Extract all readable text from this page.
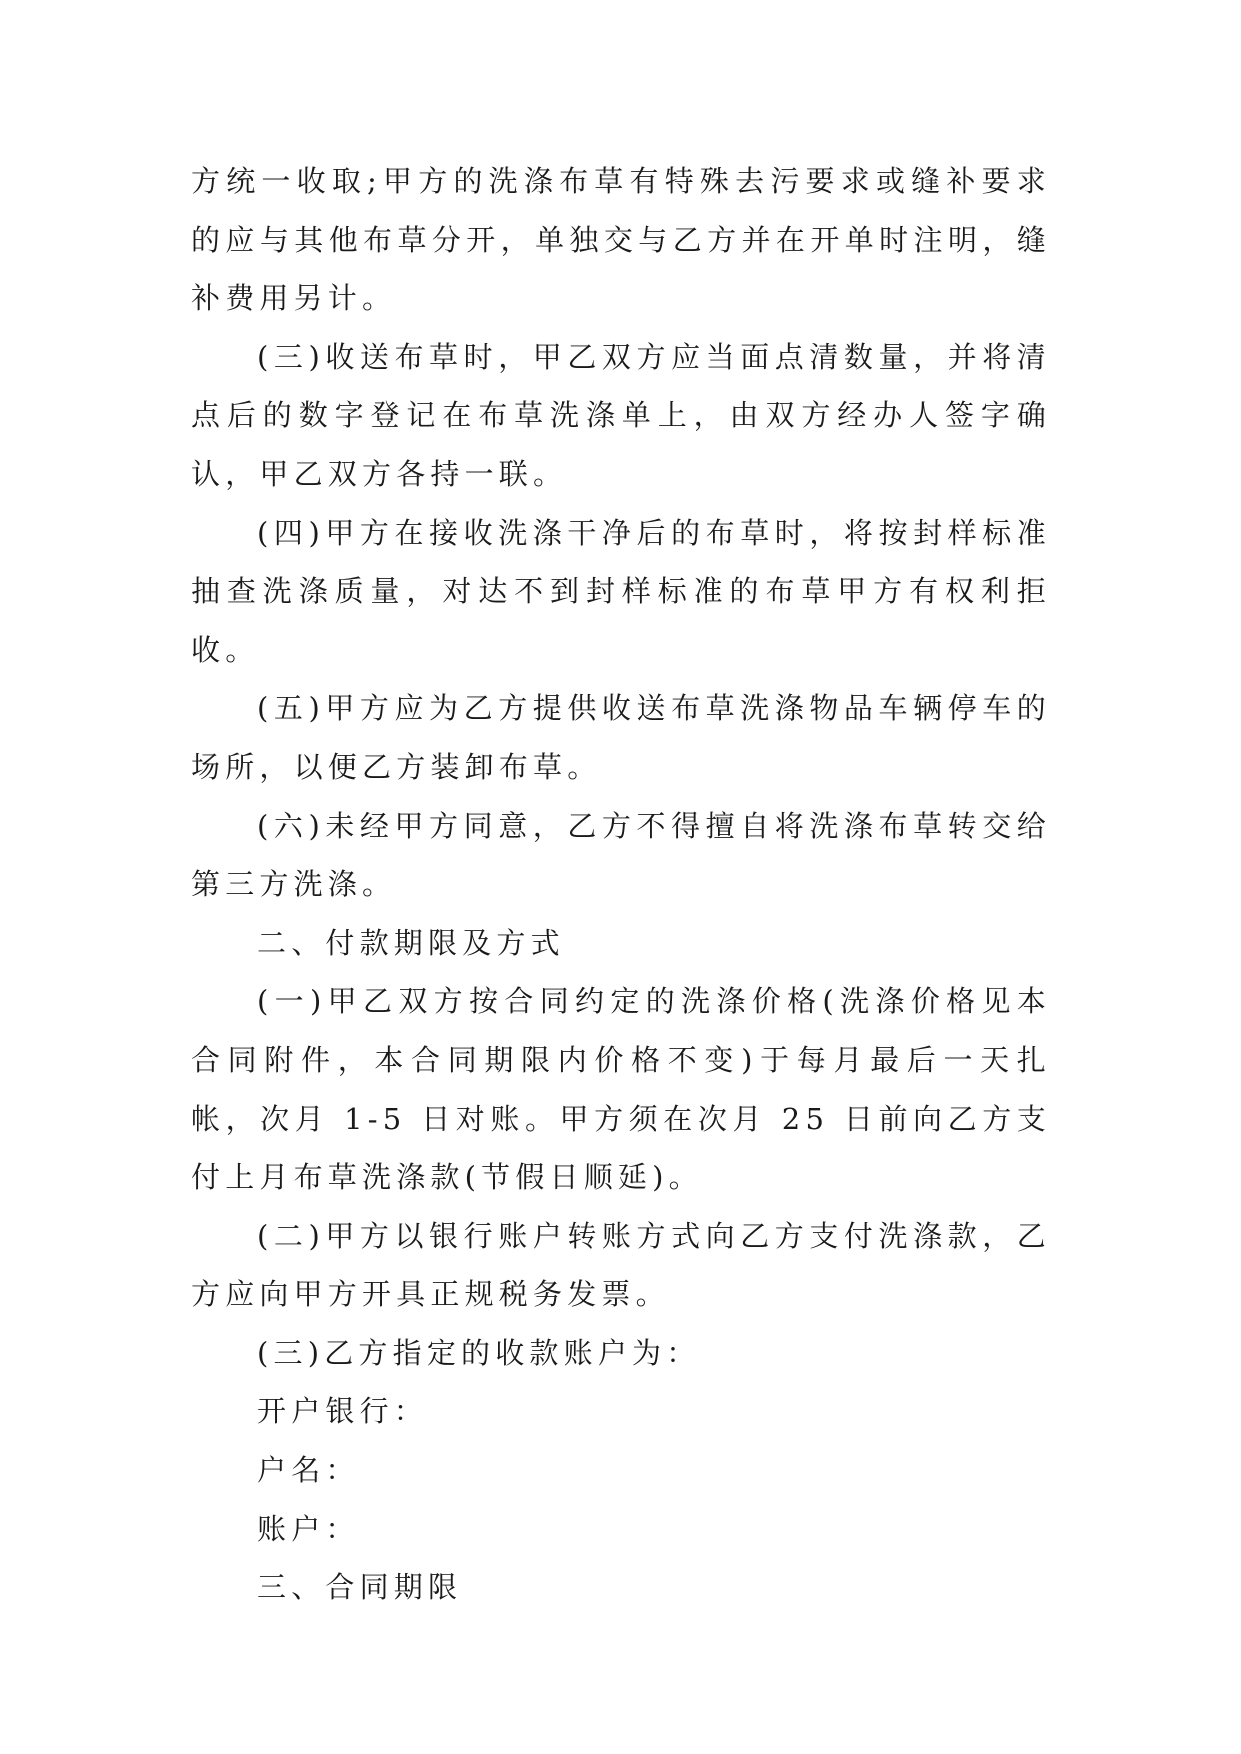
方统一收取;甲方的洗涤布草有特殊去污要求或缝补要求的应与其他布草分开，单独交与乙方并在开单时注明，缝补费用另计。

(三)收送布草时，甲乙双方应当面点清数量，并将清点后的数字登记在布草洗涤单上，由双方经办人签字确认，甲乙双方各持一联。

(四)甲方在接收洗涤干净后的布草时，将按封样标准抽查洗涤质量，对达不到封样标准的布草甲方有权利拒收。

(五)甲方应为乙方提供收送布草洗涤物品车辆停车的场所，以便乙方装卸布草。

(六)未经甲方同意，乙方不得擅自将洗涤布草转交给第三方洗涤。

二、付款期限及方式

(一)甲乙双方按合同约定的洗涤价格(洗涤价格见本合同附件，本合同期限内价格不变)于每月最后一天扎帐，次月 1-5 日对账。甲方须在次月 25 日前向乙方支付上月布草洗涤款(节假日顺延)。

(二)甲方以银行账户转账方式向乙方支付洗涤款，乙方应向甲方开具正规税务发票。

(三)乙方指定的收款账户为：

开户银行：

户名：

账户：

三、合同期限
